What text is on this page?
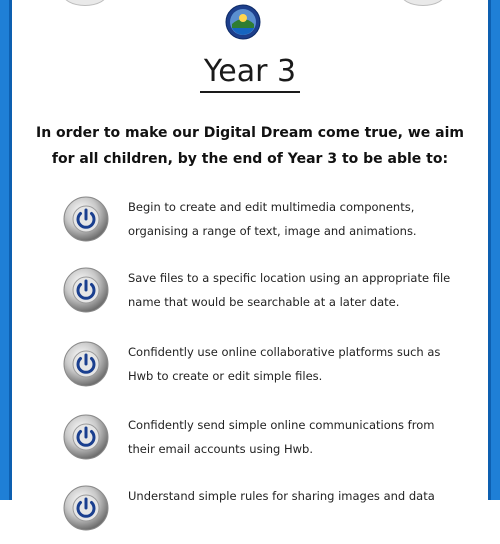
Year 3
In order to make our Digital Dream come true, we aim for all children, by the end of Year 3 to be able to:
Begin to create and edit multimedia components, organising a range of text, image and animations.
Save files to a specific location using an appropriate file name that would be searchable at a later date.
Confidently use online collaborative platforms such as Hwb to create or edit simple files.
Confidently send simple online communications from their email accounts using Hwb.
Understand simple rules for sharing images and data
